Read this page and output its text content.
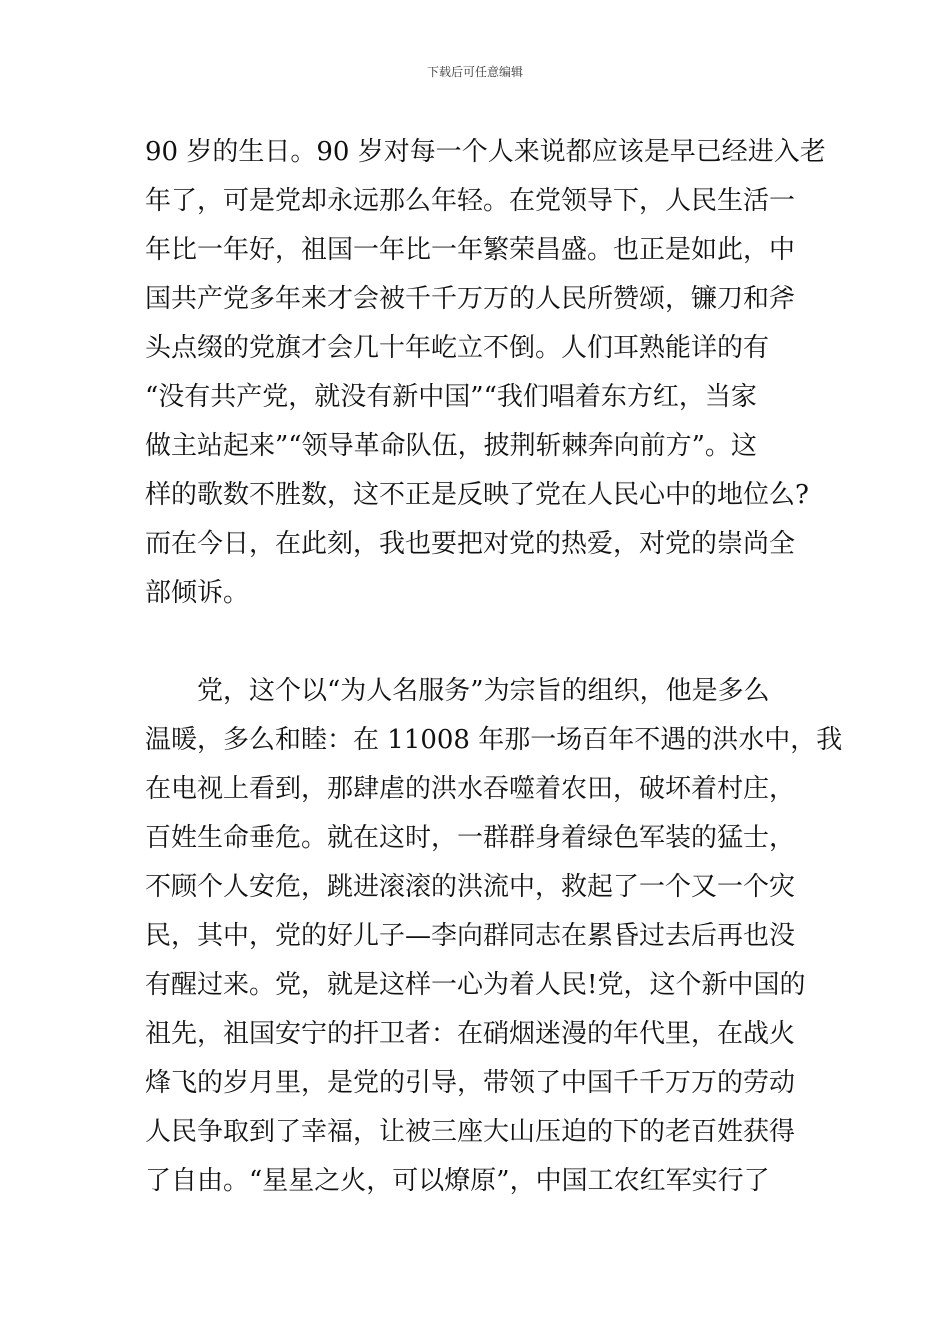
下载后可任意编辑
90 岁的生日。90 岁对每一个人来说都应该是早已经进入老
年了，可是党却永远那么年轻。在党领导下，人民生活一
年比一年好，祖国一年比一年繁荣昌盛。也正是如此，中
国共产党多年来才会被千千万万的人民所赞颂，镰刀和斧
头点缀的党旗才会几十年屹立不倒。人们耳熟能详的有
“没有共产党，就没有新中国”“我们唱着东方红，当家
做主站起来”“领导革命队伍，披荆斩棘奔向前方”。这
样的歌数不胜数，这不正是反映了党在人民心中的地位么?
而在今日，在此刻，我也要把对党的热爱，对党的崇尚全
部倾诉。
　　党，这个以“为人名服务”为宗旨的组织，他是多么
温暖，多么和睦：在 11008 年那一场百年不遇的洪水中，我
在电视上看到，那肆虐的洪水吞噬着农田，破坏着村庄，
百姓生命垂危。就在这时，一群群身着绿色军装的猛士，
不顾个人安危，跳进滚滚的洪流中，救起了一个又一个灾
民，其中，党的好儿子—李向群同志在累昏过去后再也没
有醒过来。党，就是这样一心为着人民!党，这个新中国的
祖先，祖国安宁的扞卫者：在硝烟迷漫的年代里，在战火
烽飞的岁月里，是党的引导，带领了中国千千万万的劳动
人民争取到了幸福，让被三座大山压迫的下的老百姓获得
了自由。“星星之火，可以燎原”，中国工农红军实行了
